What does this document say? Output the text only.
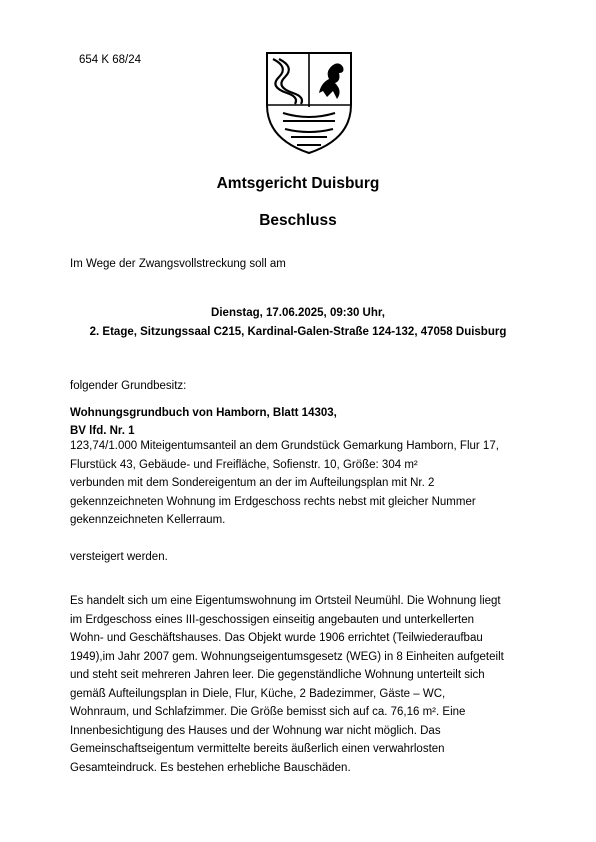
654 K 68/24
Amtsgericht Duisburg
Beschluss
Im Wege der Zwangsvollstreckung soll am
Dienstag, 17.06.2025, 09:30 Uhr,
2. Etage, Sitzungssaal C215, Kardinal-Galen-Straße 124-132, 47058 Duisburg
folgender Grundbesitz:
Wohnungsgrundbuch von Hamborn, Blatt 14303,
BV lfd. Nr. 1
123,74/1.000 Miteigentumsanteil an dem Grundstück Gemarkung Hamborn, Flur 17,
Flurstück 43, Gebäude- und Freifläche, Sofienstr. 10, Größe: 304 m²
verbunden mit dem Sondereigentum an der im Aufteilungsplan mit Nr. 2
gekennzeichneten Wohnung im Erdgeschoss rechts nebst mit gleicher Nummer
gekennzeichneten Kellerraum.
versteigert werden.
Es handelt sich um eine Eigentumswohnung im Ortsteil Neumühl. Die Wohnung liegt
im Erdgeschoss eines III-geschossigen einseitig angebauten und unterkellerten
Wohn- und Geschäftshauses. Das Objekt wurde 1906 errichtet (Teilwiederaufbau
1949),im Jahr 2007 gem. Wohnungseigentumsgesetz (WEG) in 8 Einheiten aufgeteilt
und steht seit mehreren Jahren leer. Die gegenständliche Wohnung unterteilt sich
gemäß Aufteilungsplan in Diele, Flur, Küche, 2 Badezimmer, Gäste – WC,
Wohnraum, und Schlafzimmer. Die Größe bemisst sich auf ca. 76,16 m². Eine
Innenbesichtigung des Hauses und der Wohnung war nicht möglich. Das
Gemeinschaftseigentum vermittelte bereits äußerlich einen verwahrlosten
Gesamteindruck. Es bestehen erhebliche Bauschäden.
